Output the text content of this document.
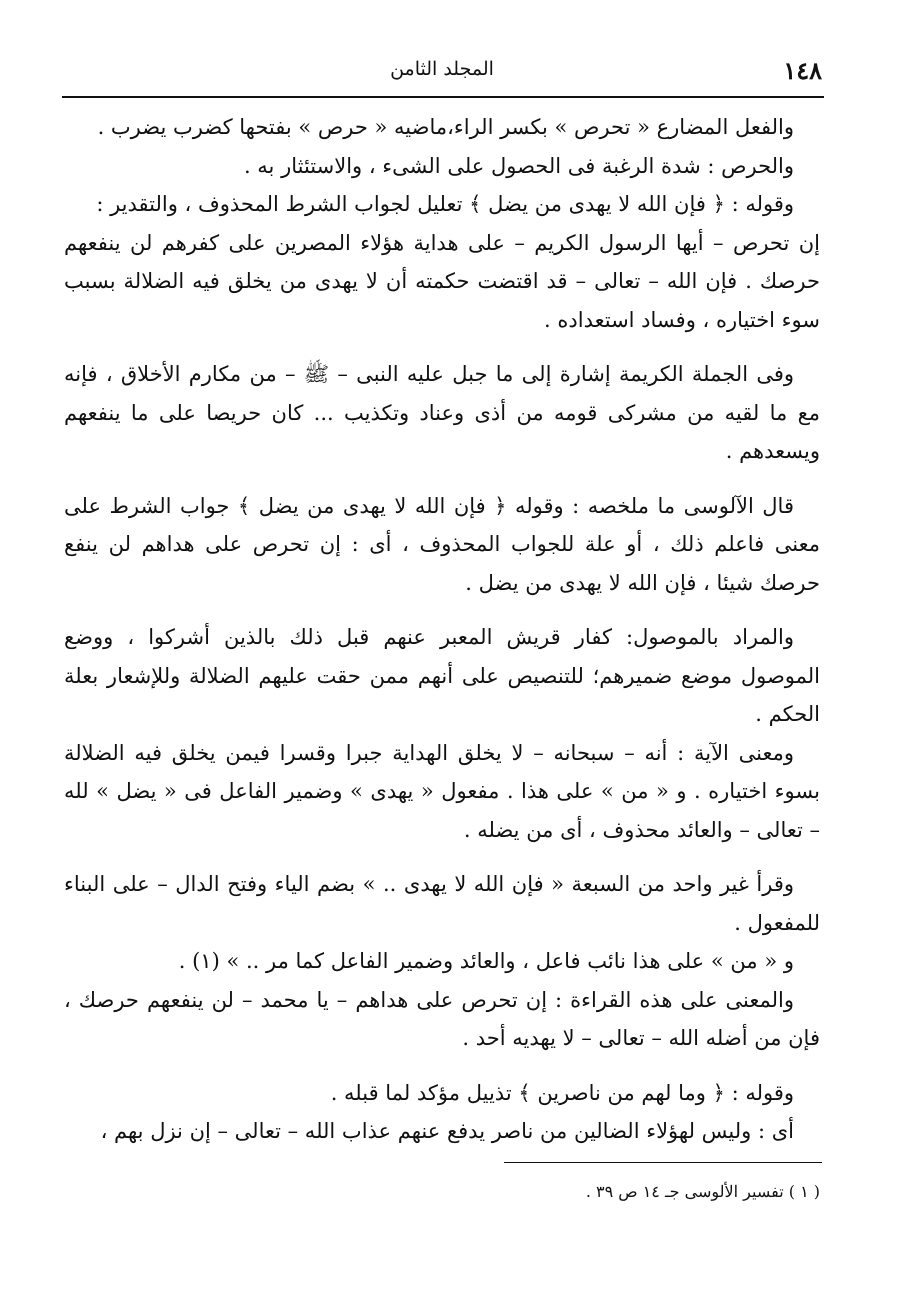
١٤٨
المجلد الثامن

والفعل المضارع « تحرص » بكسر الراء،ماضيه « حرص » بفتحها كضرب يضرب .

والحرص : شدة الرغبة فى الحصول على الشىء ، والاستئثار به .

وقوله : ﴿ فإن الله لا يهدى من يضل ﴾ تعليل لجواب الشرط المحذوف ، والتقدير :

إن تحرص – أيها الرسول الكريم – على هداية هؤلاء المصرين على كفرهم لن ينفعهم حرصك . فإن الله – تعالى – قد اقتضت حكمته أن لا يهدى من يخلق فيه الضلالة بسبب سوء اختياره ، وفساد استعداده .

وفى الجملة الكريمة إشارة إلى ما جبل عليه النبى – ﷺ – من مكارم الأخلاق ، فإنه مع ما لقيه من مشركى قومه من أذى وعناد وتكذيب ... كان حريصا على ما ينفعهم ويسعدهم .

قال الآلوسى ما ملخصه : وقوله ﴿ فإن الله لا يهدى من يضل ﴾ جواب الشرط على معنى فاعلم ذلك ، أو علة للجواب المحذوف ، أى : إن تحرص على هداهم لن ينفع حرصك شيئا ، فإن الله لا يهدى من يضل .

والمراد بالموصول: كفار قريش المعبر عنهم قبل ذلك بالذين أشركوا ، ووضع الموصول موضع ضميرهم؛ للتنصيص على أنهم ممن حقت عليهم الضلالة وللإشعار بعلة الحكم .

ومعنى الآية : أنه – سبحانه – لا يخلق الهداية جبرا وقسرا فيمن يخلق فيه الضلالة بسوء اختياره . و « من » على هذا . مفعول « يهدى » وضمير الفاعل فى « يضل » لله – تعالى – والعائد محذوف ، أى من يضله .

وقرأ غير واحد من السبعة « فإن الله لا يهدى .. » بضم الياء وفتح الدال – على البناء للمفعول .

و « من » على هذا نائب فاعل ، والعائد وضمير الفاعل كما مر .. » (١) .

والمعنى على هذه القراءة : إن تحرص على هداهم – يا محمد – لن ينفعهم حرصك ، فإن من أضله الله – تعالى – لا يهديه أحد .

وقوله : ﴿ وما لهم من ناصرين ﴾ تذييل مؤكد لما قبله .

أى : وليس لهؤلاء الضالين من ناصر يدفع عنهم عذاب الله – تعالى – إن نزل بهم ،

( ١ ) تفسير الألوسى جـ ١٤ ص ٣٩ .
